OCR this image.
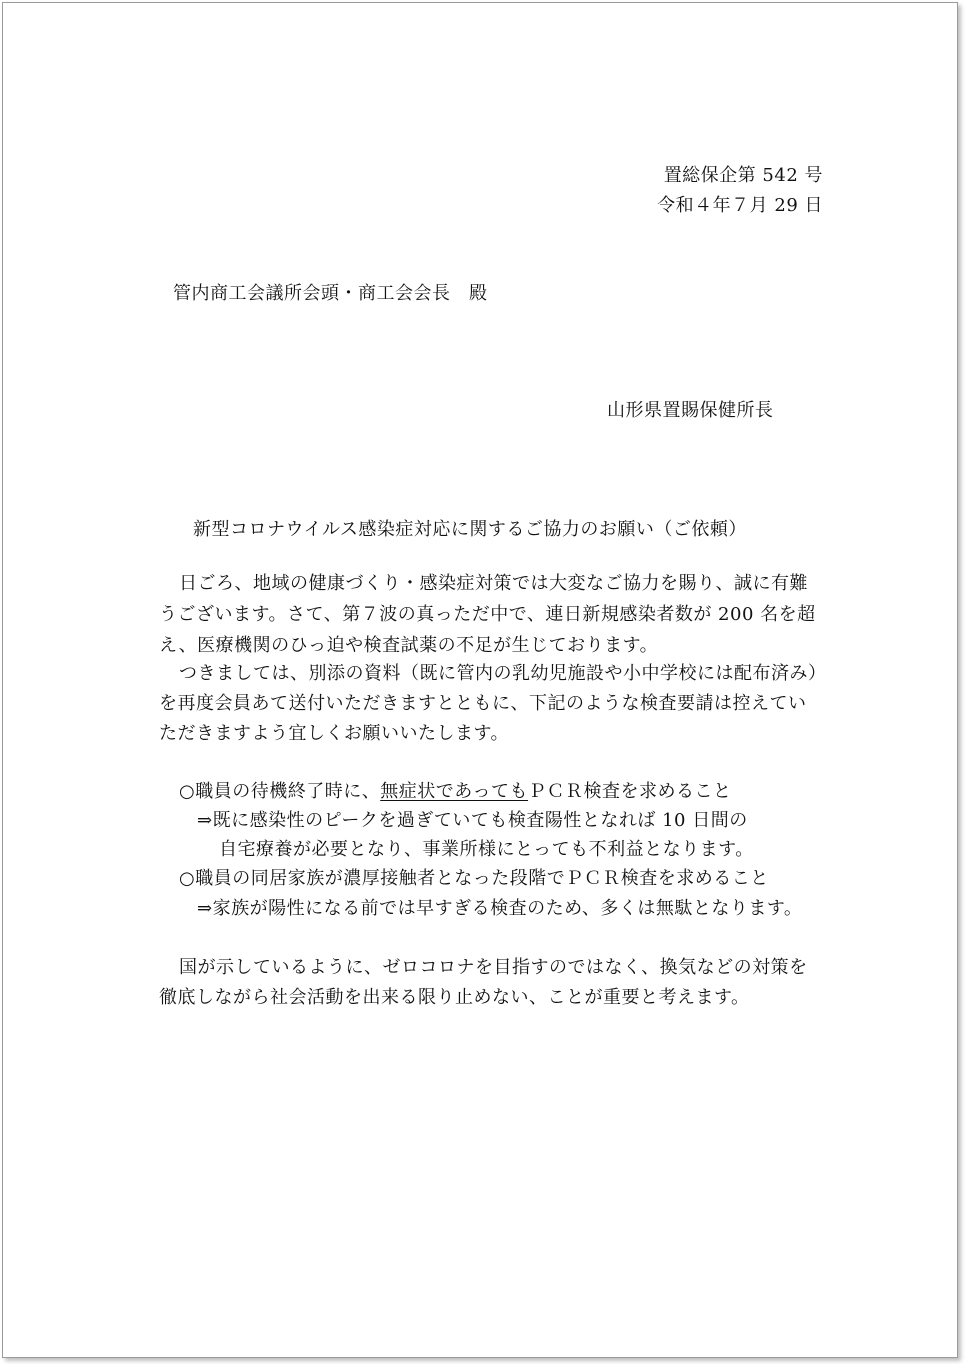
置総保企第 542 号
令和４年７月 29 日
管内商工会議所会頭・商工会会長　殿
山形県置賜保健所長
新型コロナウイルス感染症対応に関するご協力のお願い（ご依頼）
日ごろ、地域の健康づくり・感染症対策では大変なご協力を賜り、誠に有難
うございます。さて、第７波の真っただ中で、連日新規感染者数が 200 名を超
え、医療機関のひっ迫や検査試薬の不足が生じております。
つきましては、別添の資料（既に管内の乳幼児施設や小中学校には配布済み）
を再度会員あて送付いただきますとともに、下記のような検査要請は控えてい
ただきますよう宜しくお願いいたします。
○職員の待機終了時に、無症状であってもＰＣＲ検査を求めること
⇒既に感染性のピークを過ぎていても検査陽性となれば 10 日間の
自宅療養が必要となり、事業所様にとっても不利益となります。
○職員の同居家族が濃厚接触者となった段階でＰＣＲ検査を求めること
⇒家族が陽性になる前では早すぎる検査のため、多くは無駄となります。
国が示しているように、ゼロコロナを目指すのではなく、換気などの対策を
徹底しながら社会活動を出来る限り止めない、ことが重要と考えます。
